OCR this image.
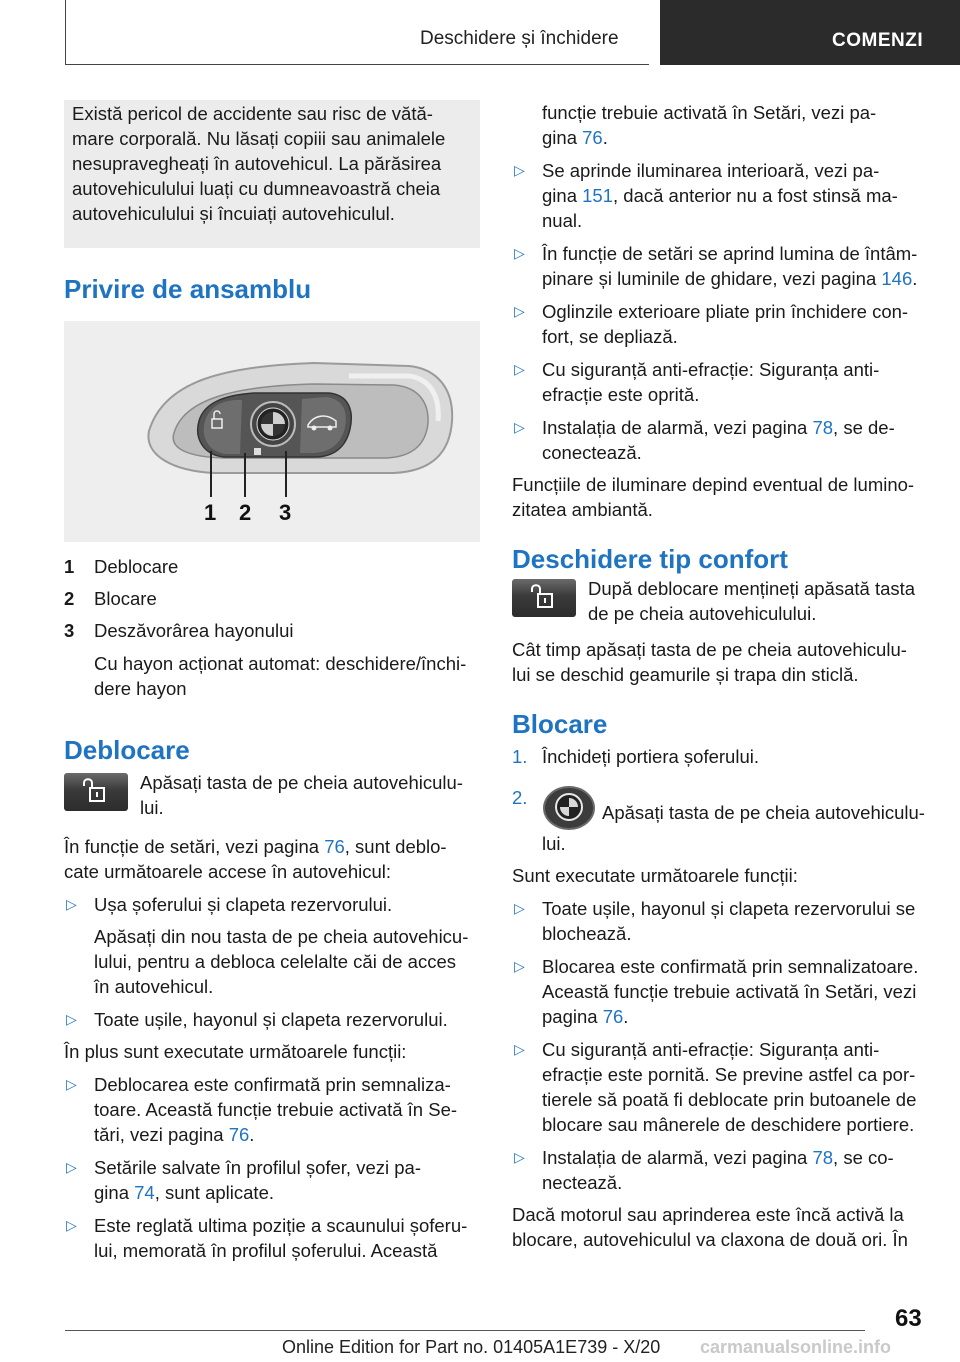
Deschidere și închidere	COMENZI

Există pericol de accidente sau risc de vătă-

mare corporală. Nu lăsați copiii sau animalele

nesupravegheați în autovehicul. La părăsirea

autovehiculului luați cu dumneavoastră cheia

autovehiculului și încuiați autovehiculul.

Privire de ansamblu
1 2 3
1 Deblocare
2 Blocare
3 Deszăvorârea hayonului
Cu hayon acționat automat: deschidere/închi-
dere hayon
Deblocare

Apăsați tasta de pe cheia autovehiculu-

lui.

În funcție de setări, vezi pagina 76, sunt deblo-

cate următoarele accese în autovehicul:

▷ Ușa șoferului și clapeta rezervorului.
Apăsați din nou tasta de pe cheia autovehicu-
lului, pentru a debloca celelalte căi de acces
în autovehicul.
▷ Toate ușile, hayonul și clapeta rezervorului.

În plus sunt executate următoarele funcții:

▷ Deblocarea este confirmată prin semnaliza-
toare. Această funcție trebuie activată în Se-
tări, vezi pagina 76.
▷ Setările salvate în profilul șofer, vezi pa-
gina 74, sunt aplicate.
▷ Este reglată ultima poziție a scaunului șoferu-
lui, memorată în profilul șoferului. Această
funcție trebuie activată în Setări, vezi pa-
gina 76.
▷ Se aprinde iluminarea interioară, vezi pa-
gina 151, dacă anterior nu a fost stinsă ma-
nual.
▷ În funcție de setări se aprind lumina de întâm-
pinare și luminile de ghidare, vezi pagina 146.
▷ Oglinzile exterioare pliate prin închidere con-
fort, se depliază.
▷ Cu siguranță anti-efracție: Siguranța anti-
efracție este oprită.
▷ Instalația de alarmă, vezi pagina 78, se de-
conectează.

Funcțiile de iluminare depind eventual de lumino-

zitatea ambiantă.

Deschidere tip confort

După deblocare mențineți apăsată tasta

de pe cheia autovehiculului.

Cât timp apăsați tasta de pe cheia autovehiculu-

lui se deschid geamurile și trapa din sticlă.

Blocare
1. Închideți portiera șoferului.
2.
Apăsați tasta de pe cheia autovehiculu-
lui.

Sunt executate următoarele funcții:

▷ Toate ușile, hayonul și clapeta rezervorului se
blochează.
▷ Blocarea este confirmată prin semnalizatoare.
Această funcție trebuie activată în Setări, vezi
pagina 76.
▷ Cu siguranță anti-efracție: Siguranța anti-
efracție este pornită. Se previne astfel ca por-
tierele să poată fi deblocate prin butoanele de
blocare sau mânerele de deschidere portiere.
▷ Instalația de alarmă, vezi pagina 78, se co-
nectează.

Dacă motorul sau aprinderea este încă activă la

blocare, autovehiculul va claxona de două ori. În

63
Online Edition for Part no. 01405A1E739 - X/20 carmanualsonline.info
